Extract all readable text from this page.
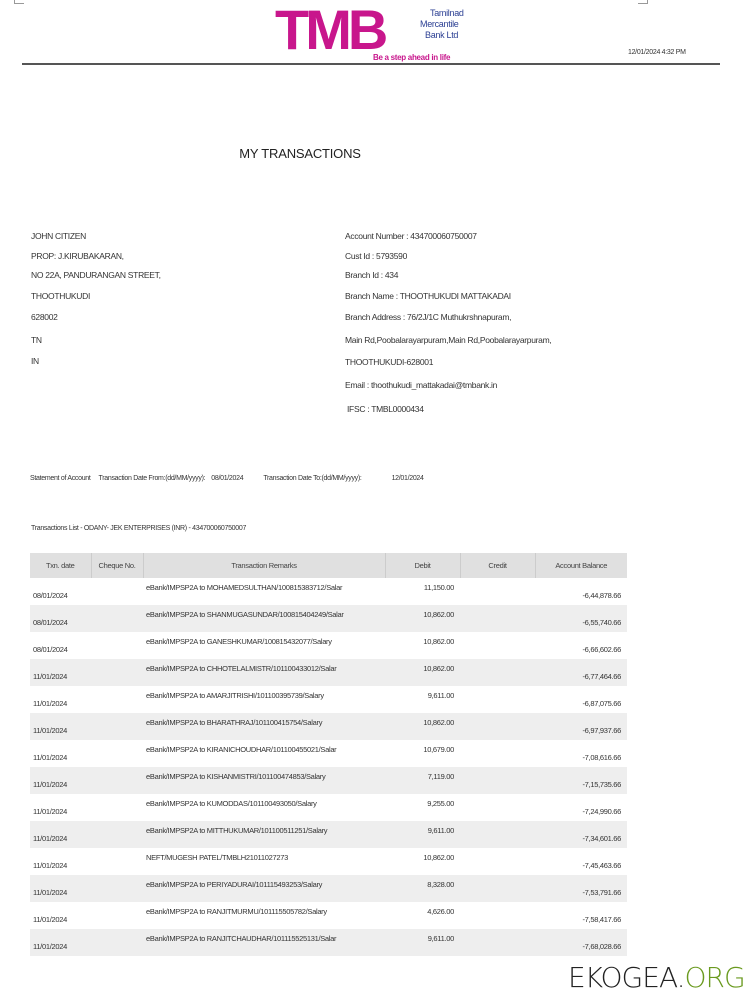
TMB	Tamilnad
Mercantile
Bank Ltd
Be a step ahead in life
12/01/2024 4:32 PM
MY TRANSACTIONS
JOHN CITIZEN
PROP: J.KIRUBAKARAN,
NO 22A, PANDURANGAN STREET,
THOOTHUKUDI
628002
TN
IN
Account Number : 434700060750007
Cust Id : 5793590
Branch Id : 434
Branch Name : THOOTHUKUDI MATTAKADAI
Branch Address : 76/2J/1C Muthukrshnapuram,
Main Rd,Poobalarayarpuram,Main Rd,Poobalarayarpuram,
THOOTHUKUDI-628001
Email : thoothukudi_mattakadai@tmbank.in
IFSC : TMBL0000434
Statement of Account Transaction Date From:(dd/MM/yyyy): 08/01/2024	Transaction Date To:(dd/MM/yyyy):	12/01/2024
Transactions List - ODANY- JEK ENTERPRISES (INR) - 434700060750007
Txn. date	Cheque No.	Transaction Remarks	Debit	Credit	Account Balance
08/01/2024		eBank/IMPSP2A to MOHAMEDSULTHAN/100815383712/Salar	11,150.00		-6,44,878.66
08/01/2024		eBank/IMPSP2A to SHANMUGASUNDAR/100815404249/Salar	10,862.00		-6,55,740.66
08/01/2024		eBank/IMPSP2A to GANESHKUMAR/100815432077/Salary	10,862.00		-6,66,602.66
11/01/2024		eBank/IMPSP2A to CHHOTELALMISTR/101100433012/Salar	10,862.00		-6,77,464.66
11/01/2024		eBank/IMPSP2A to AMARJITRISHI/101100395739/Salary	9,611.00		-6,87,075.66
11/01/2024		eBank/IMPSP2A to BHARATHRAJ/101100415754/Salary	10,862.00		-6,97,937.66
11/01/2024		eBank/IMPSP2A to KIRANICHOUDHAR/101100455021/Salar	10,679.00		-7,08,616.66
11/01/2024		eBank/IMPSP2A to KISHANMISTRI/101100474853/Salary	7,119.00		-7,15,735.66
11/01/2024		eBank/IMPSP2A to KUMODDAS/101100493050/Salary	9,255.00		-7,24,990.66
11/01/2024		eBank/IMPSP2A to MITTHUKUMAR/101100511251/Salary	9,611.00		-7,34,601.66
11/01/2024		NEFT/MUGESH PATEL/TMBLH21011027273	10,862.00		-7,45,463.66
11/01/2024		eBank/IMPSP2A to PERIYADURAI/101115493253/Salary	8,328.00		-7,53,791.66
11/01/2024		eBank/IMPSP2A to RANJITMURMU/101115505782/Salary	4,626.00		-7,58,417.66
11/01/2024		eBank/IMPSP2A to RANJITCHAUDHAR/101115525131/Salar	9,611.00		-7,68,028.66
EKOGEA.ORG
